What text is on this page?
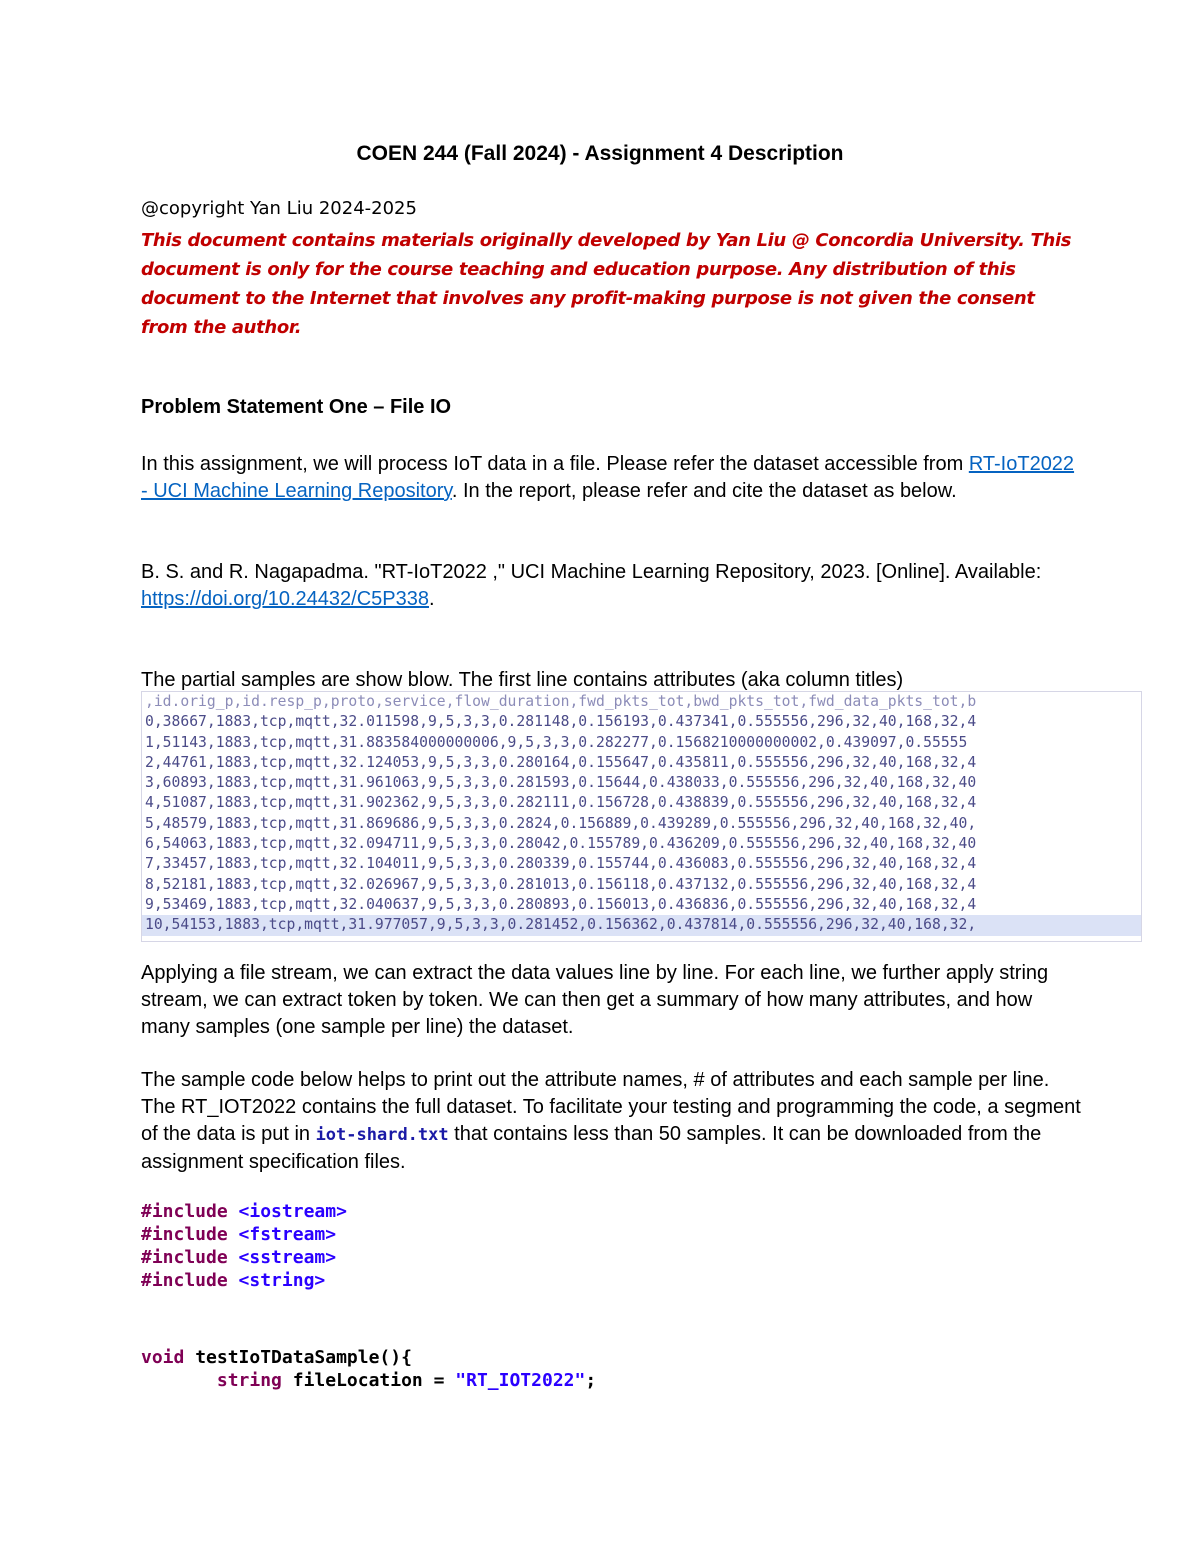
COEN 244 (Fall 2024) - Assignment 4 Description
@copyright Yan Liu 2024-2025
This document contains materials originally developed by Yan Liu @ Concordia University. This document is only for the course teaching and education purpose. Any distribution of this document to the Internet that involves any profit-making purpose is not given the consent from the author.
Problem Statement One – File IO
In this assignment, we will process IoT data in a file. Please refer the dataset accessible from RT-IoT2022 - UCI Machine Learning Repository. In the report, please refer and cite the dataset as below.
B. S. and R. Nagapadma. "RT-IoT2022 ," UCI Machine Learning Repository, 2023. [Online]. Available: https://doi.org/10.24432/C5P338.
The partial samples are show blow. The first line contains attributes (aka column titles)
,id.orig_p,id.resp_p,proto,service,flow_duration,fwd_pkts_tot,bwd_pkts_tot,fwd_data_pkts_tot,b
0,38667,1883,tcp,mqtt,32.011598,9,5,3,3,0.281148,0.156193,0.437341,0.555556,296,32,40,168,32,4
1,51143,1883,tcp,mqtt,31.883584000000006,9,5,3,3,0.282277,0.1568210000000002,0.439097,0.55555
2,44761,1883,tcp,mqtt,32.124053,9,5,3,3,0.280164,0.155647,0.435811,0.555556,296,32,40,168,32,4
3,60893,1883,tcp,mqtt,31.961063,9,5,3,3,0.281593,0.15644,0.438033,0.555556,296,32,40,168,32,40
4,51087,1883,tcp,mqtt,31.902362,9,5,3,3,0.282111,0.156728,0.438839,0.555556,296,32,40,168,32,4
5,48579,1883,tcp,mqtt,31.869686,9,5,3,3,0.2824,0.156889,0.439289,0.555556,296,32,40,168,32,40,
6,54063,1883,tcp,mqtt,32.094711,9,5,3,3,0.28042,0.155789,0.436209,0.555556,296,32,40,168,32,40
7,33457,1883,tcp,mqtt,32.104011,9,5,3,3,0.280339,0.155744,0.436083,0.555556,296,32,40,168,32,4
8,52181,1883,tcp,mqtt,32.026967,9,5,3,3,0.281013,0.156118,0.437132,0.555556,296,32,40,168,32,4
9,53469,1883,tcp,mqtt,32.040637,9,5,3,3,0.280893,0.156013,0.436836,0.555556,296,32,40,168,32,4
10,54153,1883,tcp,mqtt,31.977057,9,5,3,3,0.281452,0.156362,0.437814,0.555556,296,32,40,168,32,
Applying a file stream, we can extract the data values line by line. For each line, we further apply string stream, we can extract token by token. We can then get a summary of how many attributes, and how many samples (one sample per line) the dataset.
The sample code below helps to print out the attribute names, # of attributes and each sample per line. The RT_IOT2022 contains the full dataset. To facilitate your testing and programming the code, a segment of the data is put in iot-shard.txt that contains less than 50 samples. It can be downloaded from the assignment specification files.
#include <iostream>
#include <fstream>
#include <sstream>
#include <string>
void testIoTDataSample(){
string fileLocation = "RT_IOT2022";
